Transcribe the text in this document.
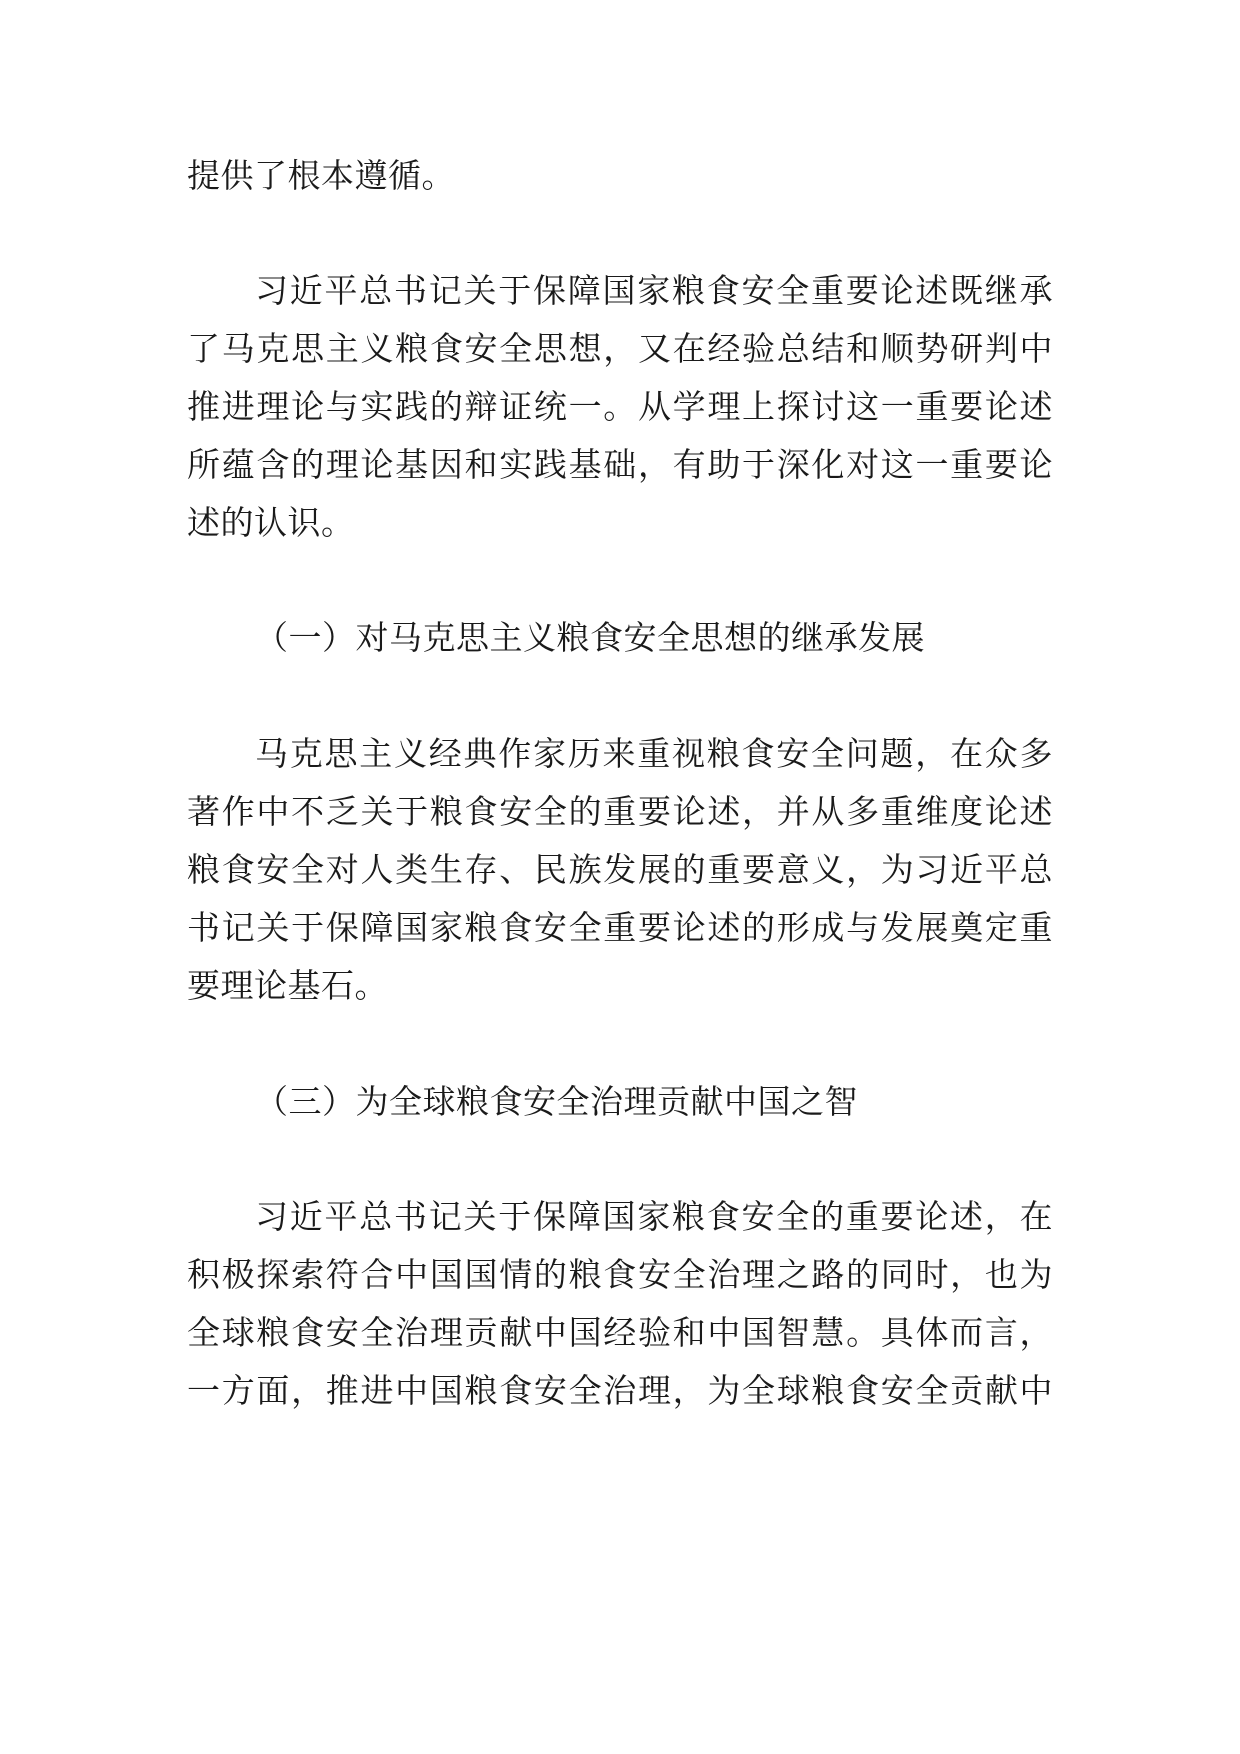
提供了根本遵循。
习近平总书记关于保障国家粮食安全重要论述既继承
了马克思主义粮食安全思想，又在经验总结和顺势研判中
推进理论与实践的辩证统一。从学理上探讨这一重要论述
所蕴含的理论基因和实践基础，有助于深化对这一重要论
述的认识。
（一）对马克思主义粮食安全思想的继承发展
马克思主义经典作家历来重视粮食安全问题，在众多
著作中不乏关于粮食安全的重要论述，并从多重维度论述
粮食安全对人类生存、民族发展的重要意义，为习近平总
书记关于保障国家粮食安全重要论述的形成与发展奠定重
要理论基石。
（三）为全球粮食安全治理贡献中国之智
习近平总书记关于保障国家粮食安全的重要论述，在
积极探索符合中国国情的粮食安全治理之路的同时，也为
全球粮食安全治理贡献中国经验和中国智慧。具体而言，
一方面，推进中国粮食安全治理，为全球粮食安全贡献中
